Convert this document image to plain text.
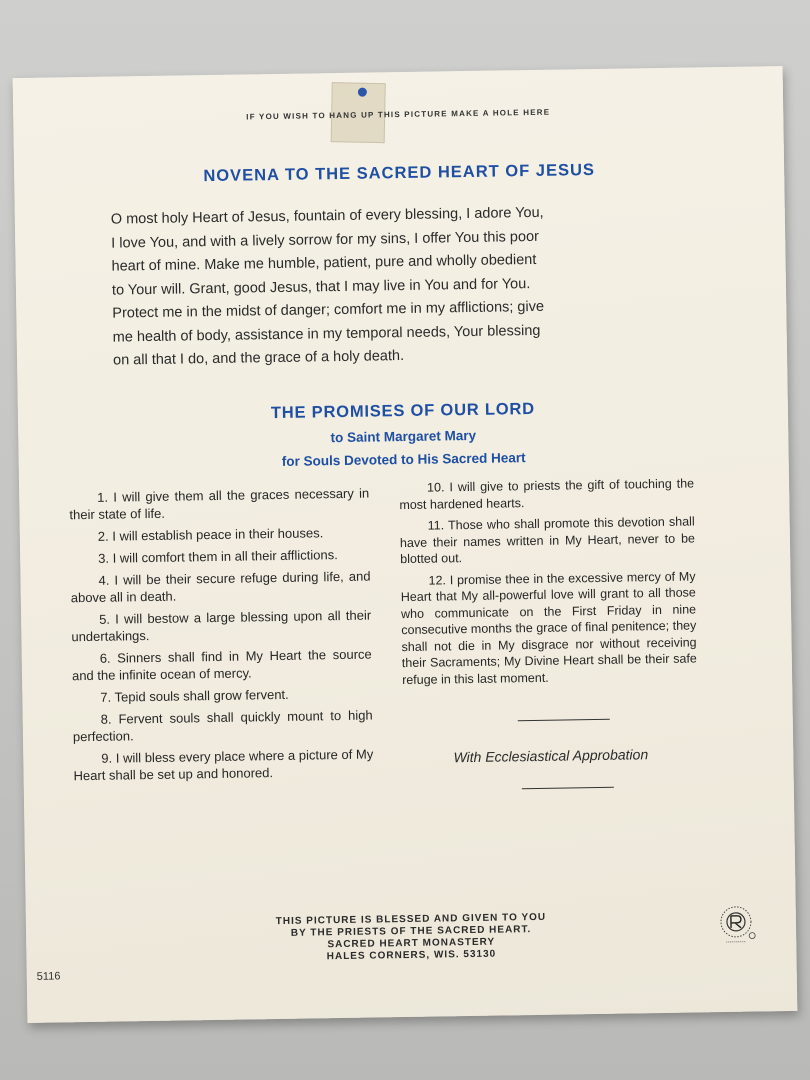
IF YOU WISH TO HANG UP THIS PICTURE MAKE A HOLE HERE
NOVENA TO THE SACRED HEART OF JESUS
O most holy Heart of Jesus, fountain of every blessing, I adore You,
I love You, and with a lively sorrow for my sins, I offer You this poor
heart of mine. Make me humble, patient, pure and wholly obedient
to Your will. Grant, good Jesus, that I may live in You and for You.
Protect me in the midst of danger; comfort me in my afflictions; give
me health of body, assistance in my temporal needs, Your blessing
on all that I do, and the grace of a holy death.
THE PROMISES OF OUR LORD
to Saint Margaret Mary
for Souls Devoted to His Sacred Heart

1. I will give them all the graces necessary in their state of life.

2. I will establish peace in their houses.

3. I will comfort them in all their afflictions.

4. I will be their secure refuge during life, and above all in death.

5. I will bestow a large blessing upon all their undertakings.

6. Sinners shall find in My Heart the source and the infinite ocean of mercy.

7. Tepid souls shall grow fervent.

8. Fervent souls shall quickly mount to high perfection.

9. I will bless every place where a picture of My Heart shall be set up and honored.

10. I will give to priests the gift of touching the most hardened hearts.

11. Those who shall promote this devotion shall have their names written in My Heart, never to be blotted out.

12. I promise thee in the excessive mercy of My Heart that My all-powerful love will grant to all those who communicate on the First Friday in nine consecutive months the grace of final penitence; they shall not die in My disgrace nor without receiving their Sacraments; My Divine Heart shall be their safe refuge in this last moment.

With Ecclesiastical Approbation
THIS PICTURE IS BLESSED AND GIVEN TO YOU
BY THE PRIESTS OF THE SACRED HEART.
SACRED HEART MONASTERY
HALES CORNERS, WIS. 53130
5116
